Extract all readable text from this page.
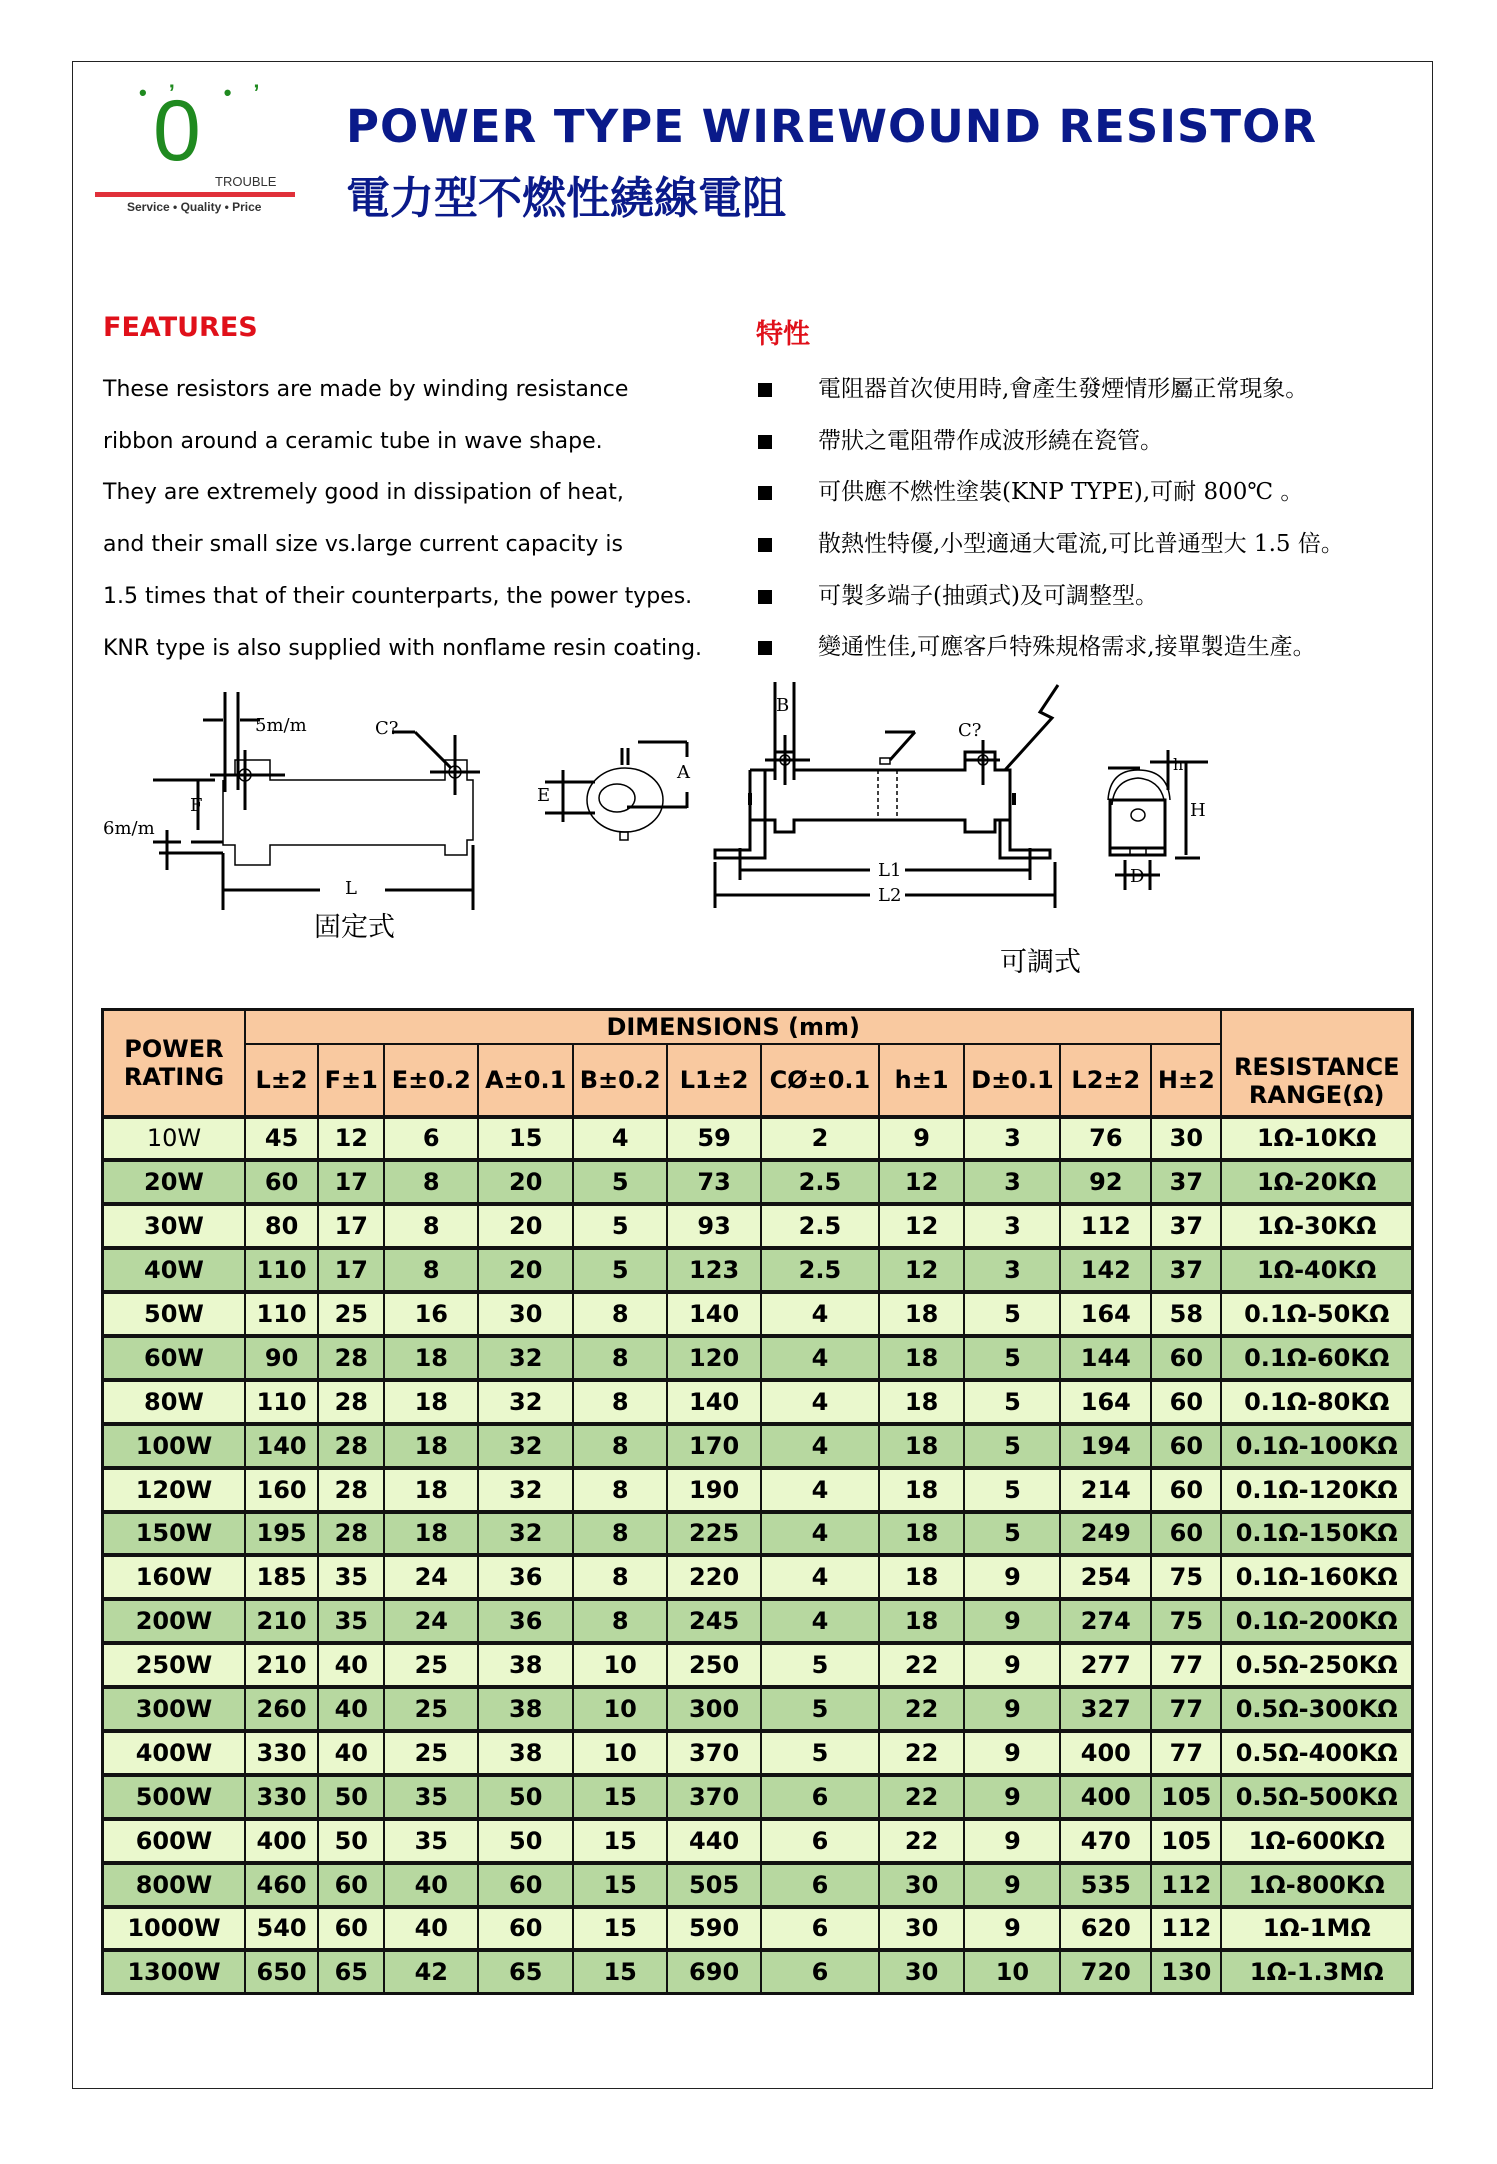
•’ •’
0
TROUBLE
Service • Quality • Price
POWER TYPE WIREWOUND RESISTOR
電力型不燃性繞線電阻
FEATURES
These resistors are made by winding resistance
ribbon around a ceramic tube in wave shape.
They are extremely good in dissipation of heat,
and their small size vs.large current capacity is
1.5 times that of their counterparts, the power types.
KNR type is also supplied with nonflame resin coating.
特性
電阻器首次使用時,會產生發煙情形屬正常現象。
帶狀之電阻帶作成波形繞在瓷管。
可供應不燃性塗裝(KNP TYPE),可耐 800℃ 。
散熱性特優,小型適通大電流,可比普通型大 1.5 倍。
可製多端子(抽頭式)及可調整型。
變通性佳,可應客戶特殊規格需求,接單製造生產。
5m/m	C?
F
6m/m
L
E
A
固定式
B
C?
L1
L2
h
H
D
可調式
POWER
RATING	DIMENSIONS (mm)											RESISTANCE
RANGE(Ω)
	L±2	F±1	E±0.2	A±0.1	B±0.2	L1±2	CØ±0.1	h±1	D±0.1	L2±2	H±2	
10W	45	12	6	15	4	59	2	9	3	76	30	1Ω-10KΩ
20W	60	17	8	20	5	73	2.5	12	3	92	37	1Ω-20KΩ
30W	80	17	8	20	5	93	2.5	12	3	112	37	1Ω-30KΩ
40W	110	17	8	20	5	123	2.5	12	3	142	37	1Ω-40KΩ
50W	110	25	16	30	8	140	4	18	5	164	58	0.1Ω-50KΩ
60W	90	28	18	32	8	120	4	18	5	144	60	0.1Ω-60KΩ
80W	110	28	18	32	8	140	4	18	5	164	60	0.1Ω-80KΩ
100W	140	28	18	32	8	170	4	18	5	194	60	0.1Ω-100KΩ
120W	160	28	18	32	8	190	4	18	5	214	60	0.1Ω-120KΩ
150W	195	28	18	32	8	225	4	18	5	249	60	0.1Ω-150KΩ
160W	185	35	24	36	8	220	4	18	9	254	75	0.1Ω-160KΩ
200W	210	35	24	36	8	245	4	18	9	274	75	0.1Ω-200KΩ
250W	210	40	25	38	10	250	5	22	9	277	77	0.5Ω-250KΩ
300W	260	40	25	38	10	300	5	22	9	327	77	0.5Ω-300KΩ
400W	330	40	25	38	10	370	5	22	9	400	77	0.5Ω-400KΩ
500W	330	50	35	50	15	370	6	22	9	400	105	0.5Ω-500KΩ
600W	400	50	35	50	15	440	6	22	9	470	105	1Ω-600KΩ
800W	460	60	40	60	15	505	6	30	9	535	112	1Ω-800KΩ
1000W	540	60	40	60	15	590	6	30	9	620	112	1Ω-1MΩ
1300W	650	65	42	65	15	690	6	30	10	720	130	1Ω-1.3MΩ
